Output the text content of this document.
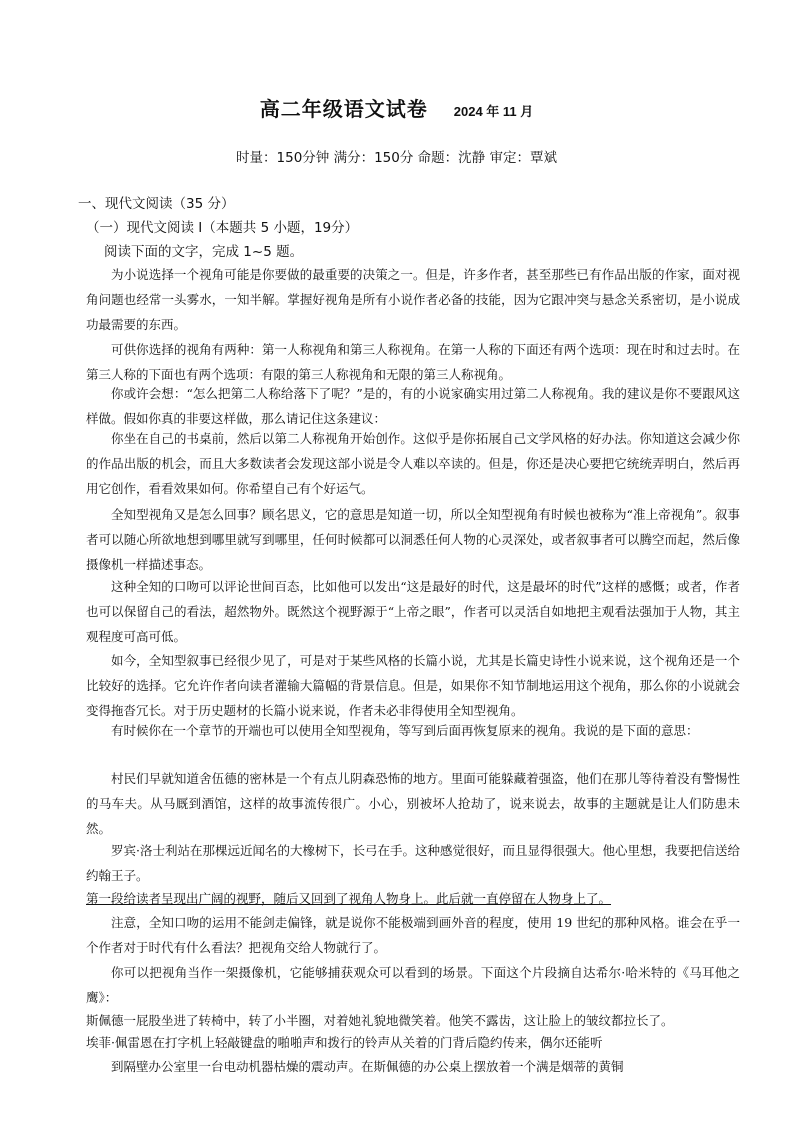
高二年级语文试卷 2024 年 11 月
时量：150分钟 满分：150分 命题：沈静 审定：覃斌
一、现代文阅读（35 分）
（一）现代文阅读 I（本题共 5 小题，19分）
阅读下面的文字，完成 1~5 题。
为小说选择一个视角可能是你要做的最重要的决策之一。但是，许多作者，甚至那些已有作品出版的作家，面对视角问题也经常一头雾水，一知半解。掌握好视角是所有小说作者必备的技能，因为它跟冲突与悬念关系密切，是小说成功最需要的东西。
可供你选择的视角有两种：第一人称视角和第三人称视角。在第一人称的下面还有两个选项：现在时和过去时。在第三人称的下面也有两个选项：有限的第三人称视角和无限的第三人称视角。
你或许会想：“怎么把第二人称给落下了呢？”是的，有的小说家确实用过第二人称视角。我的建议是你不要跟风这样做。假如你真的非要这样做，那么请记住这条建议：
你坐在自己的书桌前，然后以第二人称视角开始创作。这似乎是你拓展自己文学风格的好办法。你知道这会减少你的作品出版的机会，而且大多数读者会发现这部小说是令人难以卒读的。但是，你还是决心要把它统统弄明白，然后再用它创作，看看效果如何。你希望自己有个好运气。
全知型视角又是怎么回事？顾名思义，它的意思是知道一切，所以全知型视角有时候也被称为“准上帝视角”。叙事者可以随心所欲地想到哪里就写到哪里，任何时候都可以洞悉任何人物的心灵深处，或者叙事者可以腾空而起，然后像摄像机一样描述事态。
这种全知的口吻可以评论世间百态，比如他可以发出“这是最好的时代，这是最坏的时代”这样的感慨；或者，作者也可以保留自己的看法，超然物外。既然这个视野源于“上帝之眼”，作者可以灵活自如地把主观看法强加于人物，其主观程度可高可低。
如今，全知型叙事已经很少见了，可是对于某些风格的长篇小说，尤其是长篇史诗性小说来说，这个视角还是一个比较好的选择。它允许作者向读者灌输大篇幅的背景信息。但是，如果你不知节制地运用这个视角，那么你的小说就会变得拖沓冗长。对于历史题材的长篇小说来说，作者未必非得使用全知型视角。
有时候你在一个章节的开端也可以使用全知型视角，等写到后面再恢复原来的视角。我说的是下面的意思：
村民们早就知道舍伍德的密林是一个有点儿阴森恐怖的地方。里面可能躲藏着强盗，他们在那儿等待着没有警惕性的马车夫。从马厩到酒馆，这样的故事流传很广。小心，别被坏人抢劫了，说来说去，故事的主题就是让人们防患未然。
罗宾·洛士利站在那棵远近闻名的大橡树下，长弓在手。这种感觉很好，而且显得很强大。他心里想，我要把信送给约翰王子。
第一段给读者呈现出广阔的视野，随后又回到了视角人物身上。此后就一直停留在人物身上了。
注意，全知口吻的运用不能剑走偏锋，就是说你不能极端到画外音的程度，使用 19 世纪的那种风格。谁会在乎一个作者对于时代有什么看法？把视角交给人物就行了。
你可以把视角当作一架摄像机，它能够捕获观众可以看到的场景。下面这个片段摘自达希尔·哈米特的《马耳他之鹰》：
斯佩德一屁股坐进了转椅中，转了小半圈，对着她礼貌地微笑着。他笑不露齿，这让脸上的皱纹都拉长了。
埃菲·佩雷恩在打字机上轻敲键盘的啪啪声和拨行的铃声从关着的门背后隐约传来，偶尔还能听
到隔壁办公室里一台电动机器枯燥的震动声。在斯佩德的办公桌上摆放着一个满是烟蒂的黄铜
